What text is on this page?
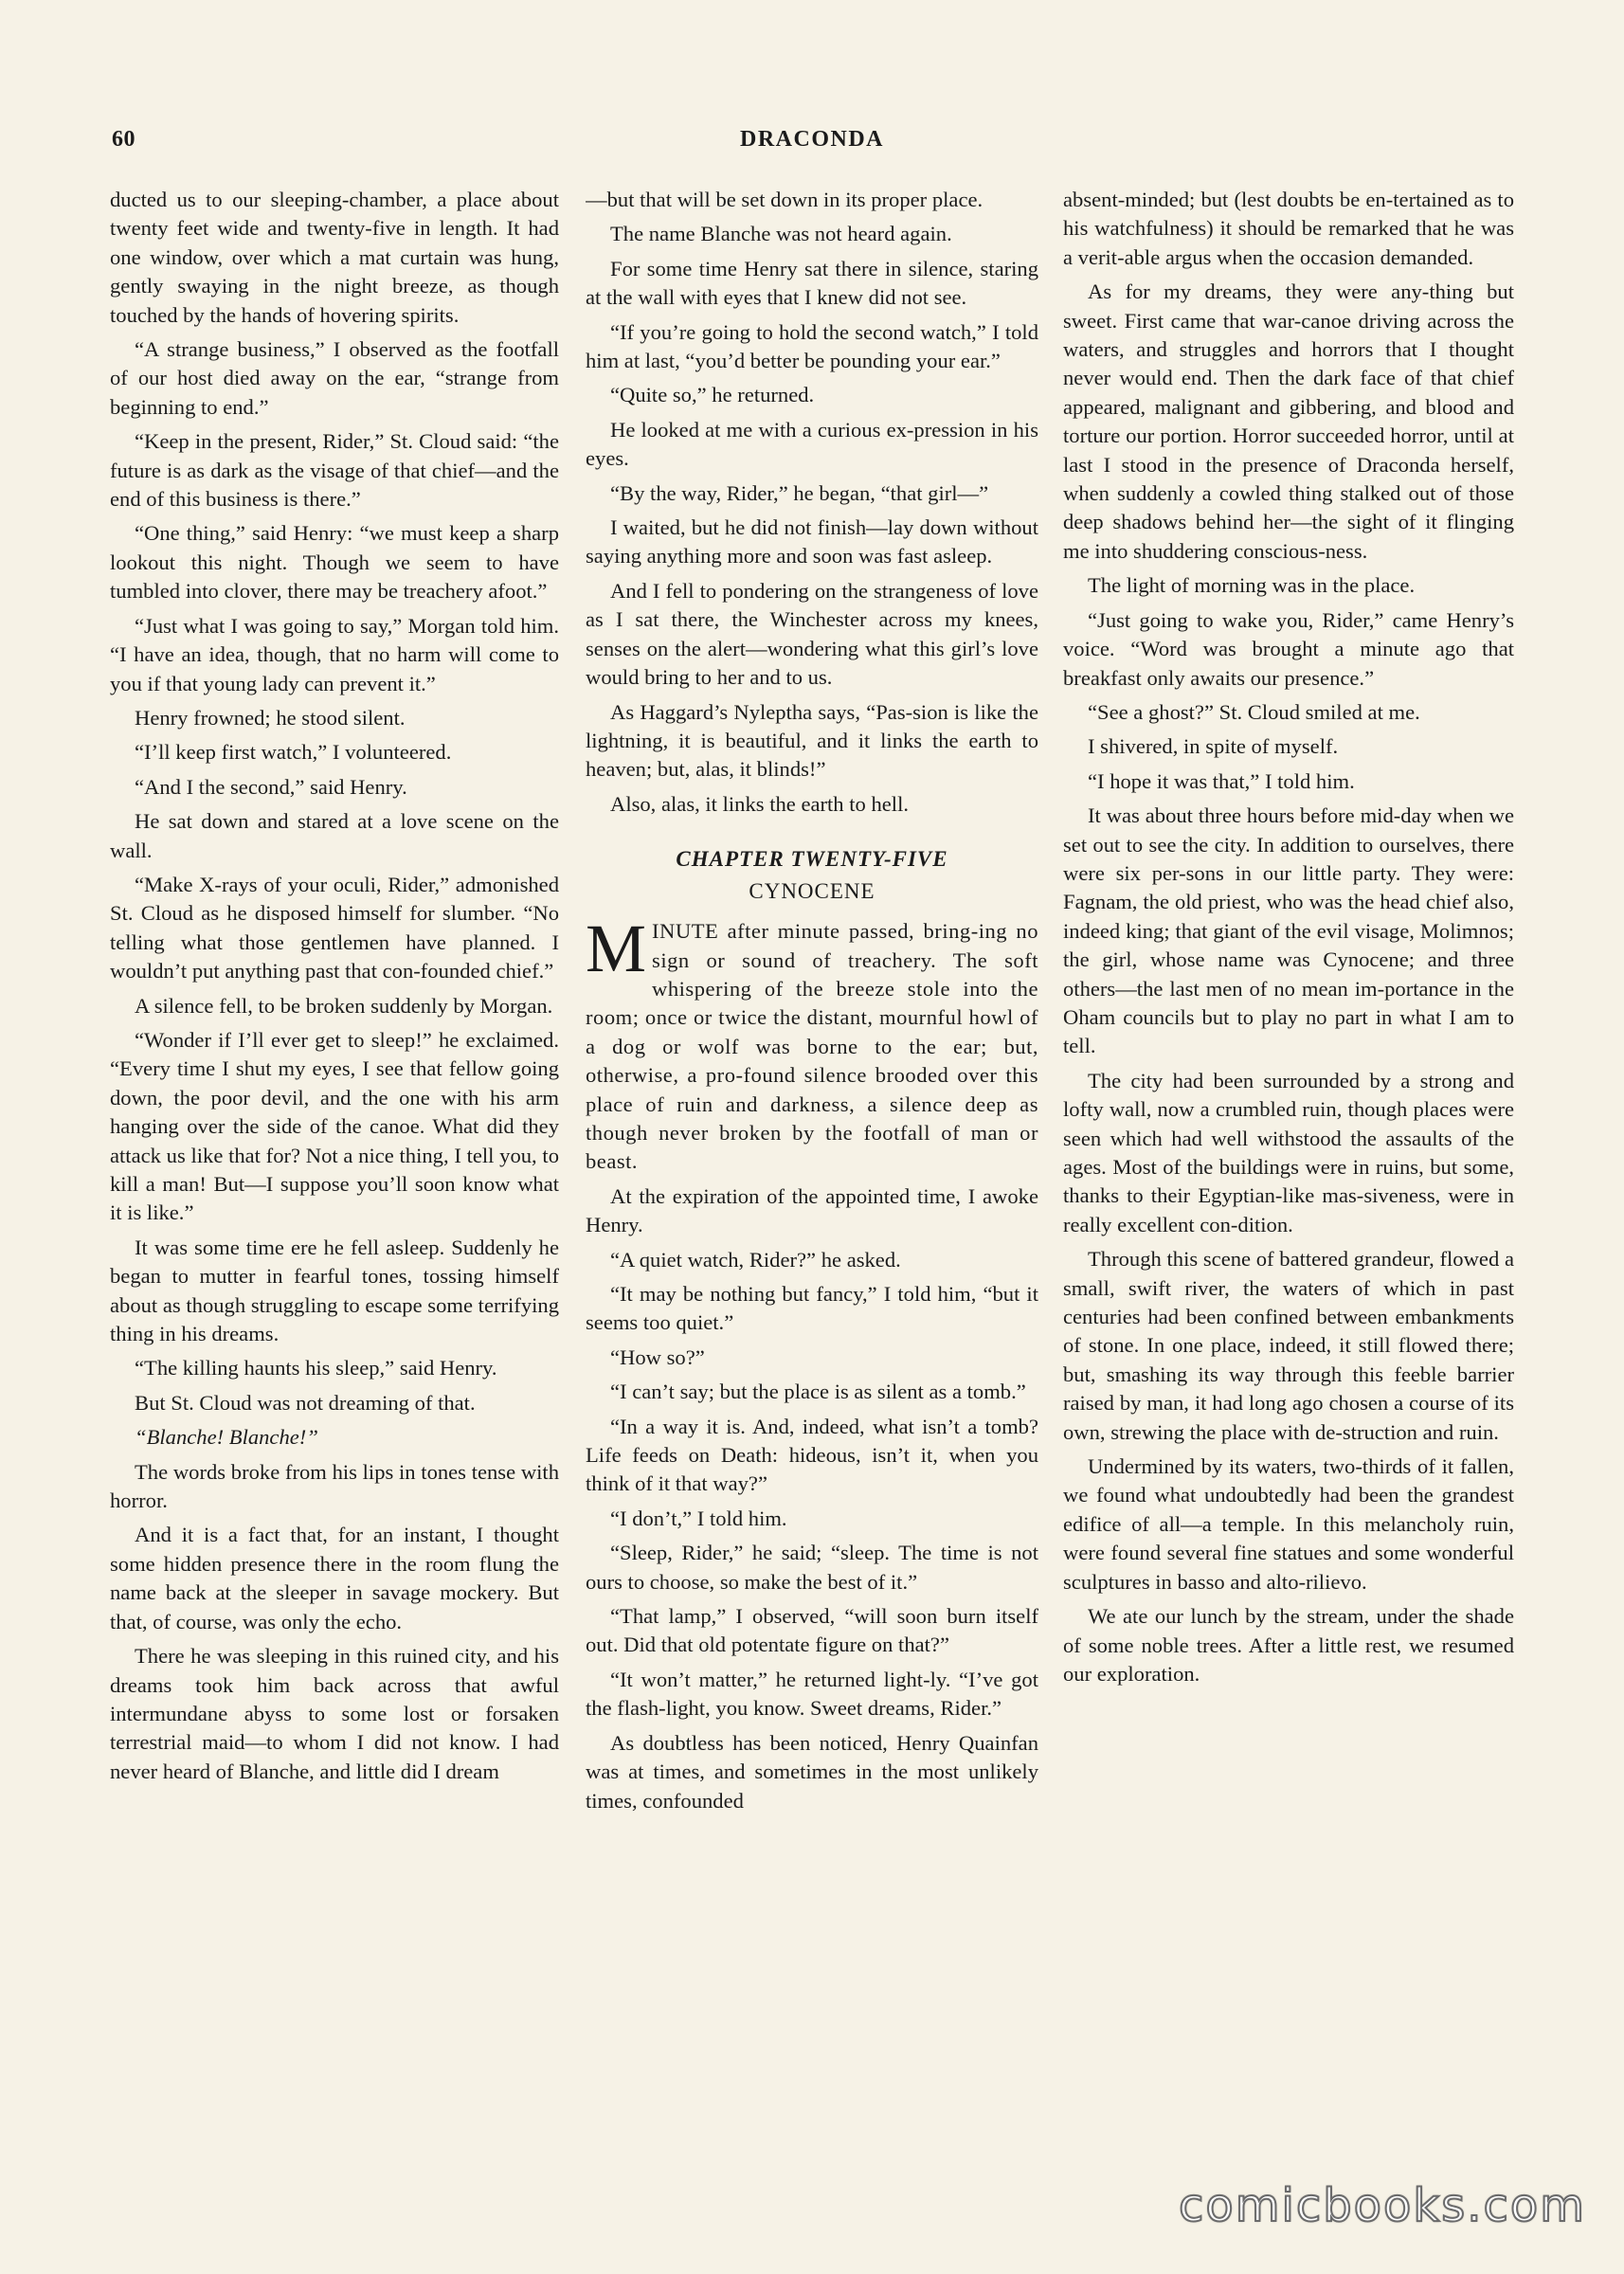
60	DRACONDA

ducted us to our sleeping-chamber, a place about twenty feet wide and twenty-five in length. It had one window, over which a mat curtain was hung, gently swaying in the night breeze, as though touched by the hands of hovering spirits.

“A strange business,” I observed as the footfall of our host died away on the ear, “strange from beginning to end.”

“Keep in the present, Rider,” St. Cloud said: “the future is as dark as the visage of that chief—and the end of this business is there.”

“One thing,” said Henry: “we must keep a sharp lookout this night. Though we seem to have tumbled into clover, there may be treachery afoot.”

“Just what I was going to say,” Morgan told him. “I have an idea, though, that no harm will come to you if that young lady can prevent it.”

Henry frowned; he stood silent.

“I’ll keep first watch,” I volunteered.

“And I the second,” said Henry.

He sat down and stared at a love scene on the wall.

“Make X-rays of your oculi, Rider,” admonished St. Cloud as he disposed himself for slumber. “No telling what those gentlemen have planned. I wouldn’t put anything past that con-founded chief.”

A silence fell, to be broken suddenly by Morgan.

“Wonder if I’ll ever get to sleep!” he exclaimed. “Every time I shut my eyes, I see that fellow going down, the poor devil, and the one with his arm hanging over the side of the canoe. What did they attack us like that for? Not a nice thing, I tell you, to kill a man! But—I suppose you’ll soon know what it is like.”

It was some time ere he fell asleep. Suddenly he began to mutter in fearful tones, tossing himself about as though struggling to escape some terrifying thing in his dreams.

“The killing haunts his sleep,” said Henry.

But St. Cloud was not dreaming of that.

“Blanche! Blanche!”

The words broke from his lips in tones tense with horror.

And it is a fact that, for an instant, I thought some hidden presence there in the room flung the name back at the sleeper in savage mockery. But that, of course, was only the echo.

There he was sleeping in this ruined city, and his dreams took him back across that awful intermundane abyss to some lost or forsaken terrestrial maid—to whom I did not know. I had never heard of Blanche, and little did I dream

—but that will be set down in its proper place.

The name Blanche was not heard again.

For some time Henry sat there in silence, staring at the wall with eyes that I knew did not see.

“If you’re going to hold the second watch,” I told him at last, “you’d better be pounding your ear.”

“Quite so,” he returned.

He looked at me with a curious ex-pression in his eyes.

“By the way, Rider,” he began, “that girl—”

I waited, but he did not finish—lay down without saying anything more and soon was fast asleep.

And I fell to pondering on the strangeness of love as I sat there, the Winchester across my knees, senses on the alert—wondering what this girl’s love would bring to her and to us.

As Haggard’s Nyleptha says, “Pas-sion is like the lightning, it is beautiful, and it links the earth to heaven; but, alas, it blinds!”

Also, alas, it links the earth to hell.

CHAPTER TWENTY-FIVE
CYNOCENE

MINUTE after minute passed, bring-ing no sign or sound of treachery. The soft whispering of the breeze stole into the room; once or twice the distant, mournful howl of a dog or wolf was borne to the ear; but, otherwise, a pro-found silence brooded over this place of ruin and darkness, a silence deep as though never broken by the footfall of man or beast.

At the expiration of the appointed time, I awoke Henry.

“A quiet watch, Rider?” he asked.

“It may be nothing but fancy,” I told him, “but it seems too quiet.”

“How so?”

“I can’t say; but the place is as silent as a tomb.”

“In a way it is. And, indeed, what isn’t a tomb? Life feeds on Death: hideous, isn’t it, when you think of it that way?”

“I don’t,” I told him.

“Sleep, Rider,” he said; “sleep. The time is not ours to choose, so make the best of it.”

“That lamp,” I observed, “will soon burn itself out. Did that old potentate figure on that?”

“It won’t matter,” he returned light-ly. “I’ve got the flash-light, you know. Sweet dreams, Rider.”

As doubtless has been noticed, Henry Quainfan was at times, and sometimes in the most unlikely times, confounded

absent-minded; but (lest doubts be en-tertained as to his watchfulness) it should be remarked that he was a verit-able argus when the occasion demanded.

As for my dreams, they were any-thing but sweet. First came that war-canoe driving across the waters, and struggles and horrors that I thought never would end. Then the dark face of that chief appeared, malignant and gibbering, and blood and torture our portion. Horror succeeded horror, until at last I stood in the presence of Draconda herself, when suddenly a cowled thing stalked out of those deep shadows behind her—the sight of it flinging me into shuddering conscious-ness.

The light of morning was in the place.

“Just going to wake you, Rider,” came Henry’s voice. “Word was brought a minute ago that breakfast only awaits our presence.”

“See a ghost?” St. Cloud smiled at me.

I shivered, in spite of myself.

“I hope it was that,” I told him.

It was about three hours before mid-day when we set out to see the city. In addition to ourselves, there were six per-sons in our little party. They were: Fagnam, the old priest, who was the head chief also, indeed king; that giant of the evil visage, Molimnos; the girl, whose name was Cynocene; and three others—the last men of no mean im-portance in the Oham councils but to play no part in what I am to tell.

The city had been surrounded by a strong and lofty wall, now a crumbled ruin, though places were seen which had well withstood the assaults of the ages. Most of the buildings were in ruins, but some, thanks to their Egyptian-like mas-siveness, were in really excellent con-dition.

Through this scene of battered grandeur, flowed a small, swift river, the waters of which in past centuries had been confined between embankments of stone. In one place, indeed, it still flowed there; but, smashing its way through this feeble barrier raised by man, it had long ago chosen a course of its own, strewing the place with de-struction and ruin.

Undermined by its waters, two-thirds of it fallen, we found what undoubtedly had been the grandest edifice of all—a temple. In this melancholy ruin, were found several fine statues and some wonderful sculptures in basso and alto-rilievo.

We ate our lunch by the stream, under the shade of some noble trees. After a little rest, we resumed our exploration.

comicbooks.com
